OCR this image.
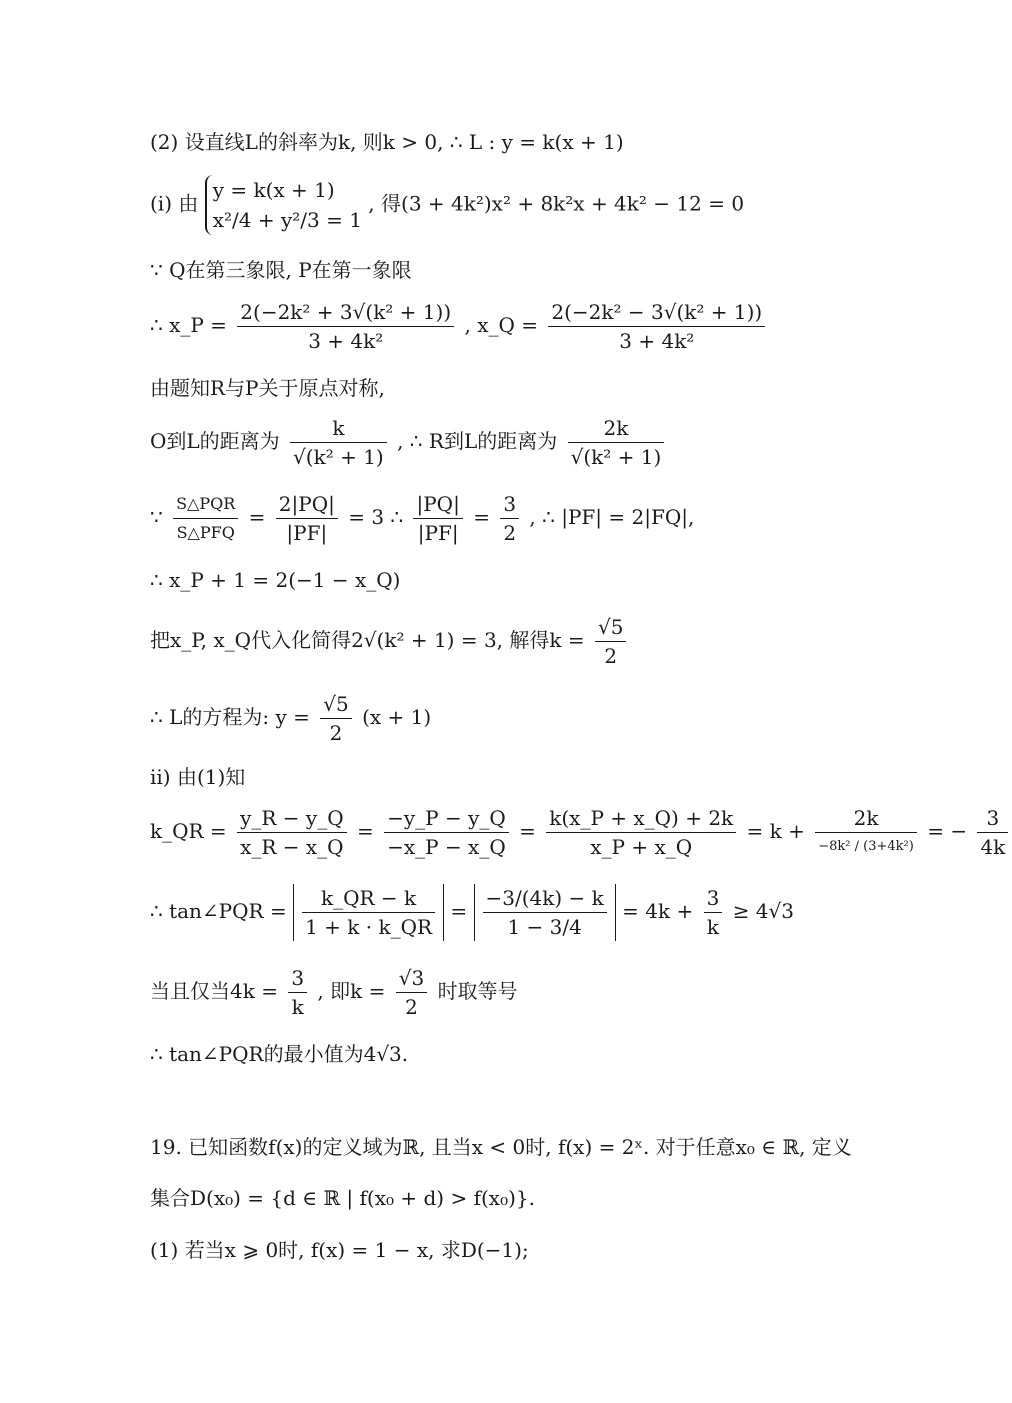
(2) 设直线L的斜率为k, 则k > 0, ∴ L : y = k(x + 1)
(i) 由
y = k(x + 1)
x²/4 + y²/3 = 1
, 得(3 + 4k²)x² + 8k²x + 4k² − 12 = 0
∵ Q在第三象限, P在第一象限
∴ x_P = $\frac{\text{2(−2k² + 3√(k² + 1))}}{\text{3 + 4k²}}$ , x_Q = $\frac{\text{2(−2k² − 3√(k² + 1))}}{\text{3 + 4k²}}$
由题知R与P关于原点对称,
O到L的距离为 $\frac{k}{\text{√(k² + 1)}}$ , ∴ R到L的距离为 $\frac{2k}{\text{√(k² + 1)}}$
∵ $\frac{\text{S△PQR}}{\text{S△PFQ}} = \frac{2|PQ|}{|PF|} = 3$ ∴ $\frac{|PQ|}{|PF|} = \frac{3}{2}$ , ∴ |PF| = 2|FQ|,
∴ x_P + 1 = 2(−1 − x_Q)
把x_P, x_Q代入化简得2√(k² + 1) = 3, 解得$k = \frac{√5}{2}$
∴ L的方程为: $y = \frac{√5}{2} (x + 1)$
ii) 由(1)知
k_QR = $\frac{y\_R - y\_Q}{x\_R - x\_Q} = \frac{-y\_P - y\_Q}{-x\_P - x\_Q} = \frac{k(x\_P + x\_Q) + 2k}{x\_P + x\_Q} = k + \frac{2k}{\text{−8k² / (3+4k²)}}$ = − $\frac{3}{4k}$
∴ tan∠PQR = $\frac{k\_QR - k}{1 + k \cdot k\_QR} = \frac{-3/(4k) - k}{1 - 3/4} = 4k + \frac{3}{k} \ge 4√3$
当且仅当$4k = \frac{3}{k}$ , 即$k = \frac{√3}{2}$ 时取等号
∴ tan∠PQR的最小值为4√3.
19. 已知函数f(x)的定义域为ℝ, 且当x < 0时, f(x) = 2ˣ. 对于任意x₀ ∈ ℝ, 定义
集合D(x₀) = {d ∈ ℝ | f(x₀ + d) > f(x₀)}.
(1) 若当x ⩾ 0时, f(x) = 1 − x, 求D(−1);
